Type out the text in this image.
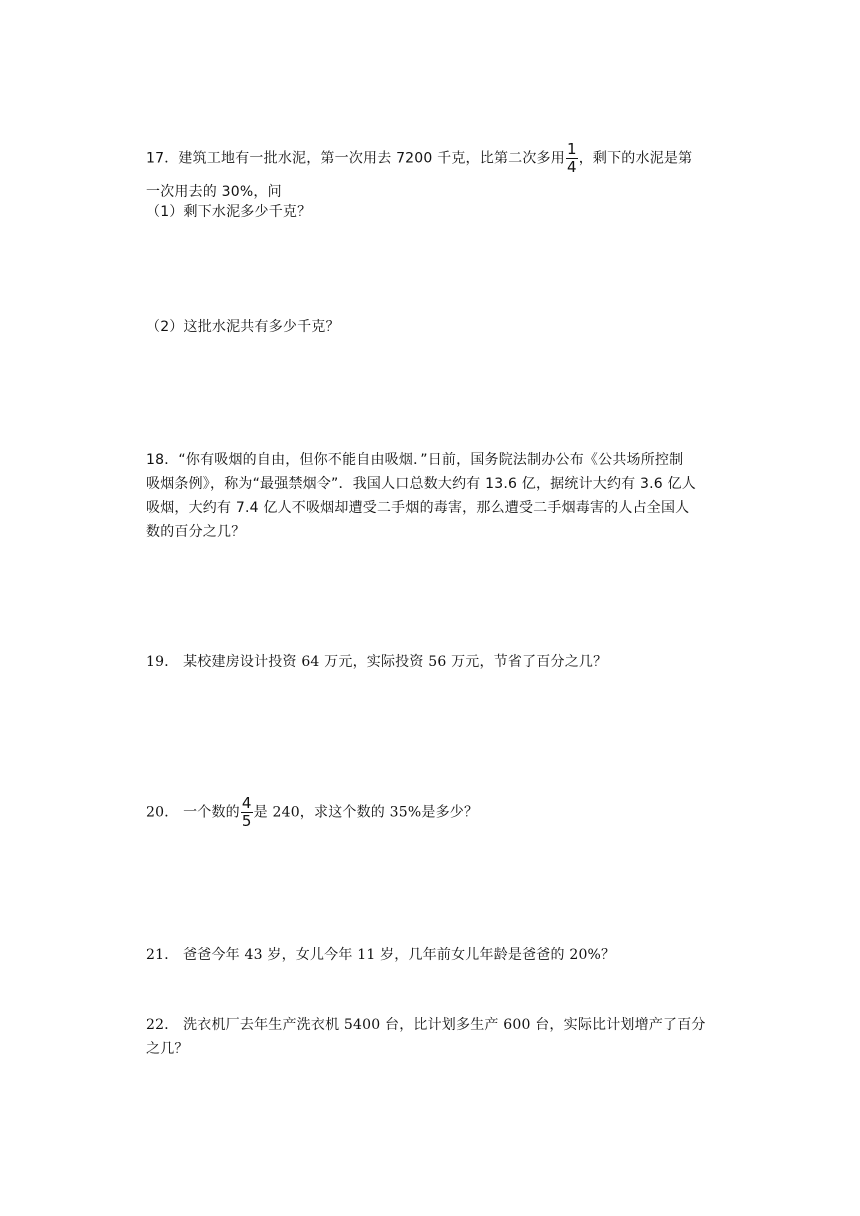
17．建筑工地有一批水泥，第一次用去 7200 千克，比第二次多用 $\frac{1}{4}$ ，剩下的水泥是第
一次用去的 30%，问
（1）剩下水泥多少千克？
（2）这批水泥共有多少千克？
18．“你有吸烟的自由，但你不能自由吸烟．”日前，国务院法制办公布《公共场所控制
吸烟条例》，称为“最强禁烟令”．我国人口总数大约有 13.6 亿，据统计大约有 3.6 亿人
吸烟，大约有 7.4 亿人不吸烟却遭受二手烟的毒害，那么遭受二手烟毒害的人占全国人
数的百分之几？
19． 某校建房设计投资 64 万元，实际投资 56 万元，节省了百分之几？
20． 一个数的 $\frac{4}{5}$ 是 240，求这个数的 35%是多少？
21． 爸爸今年 43 岁，女儿今年 11 岁，几年前女儿年龄是爸爸的 20%？
22． 洗衣机厂去年生产洗衣机 5400 台，比计划多生产 600 台，实际比计划增产了百分
之几？
